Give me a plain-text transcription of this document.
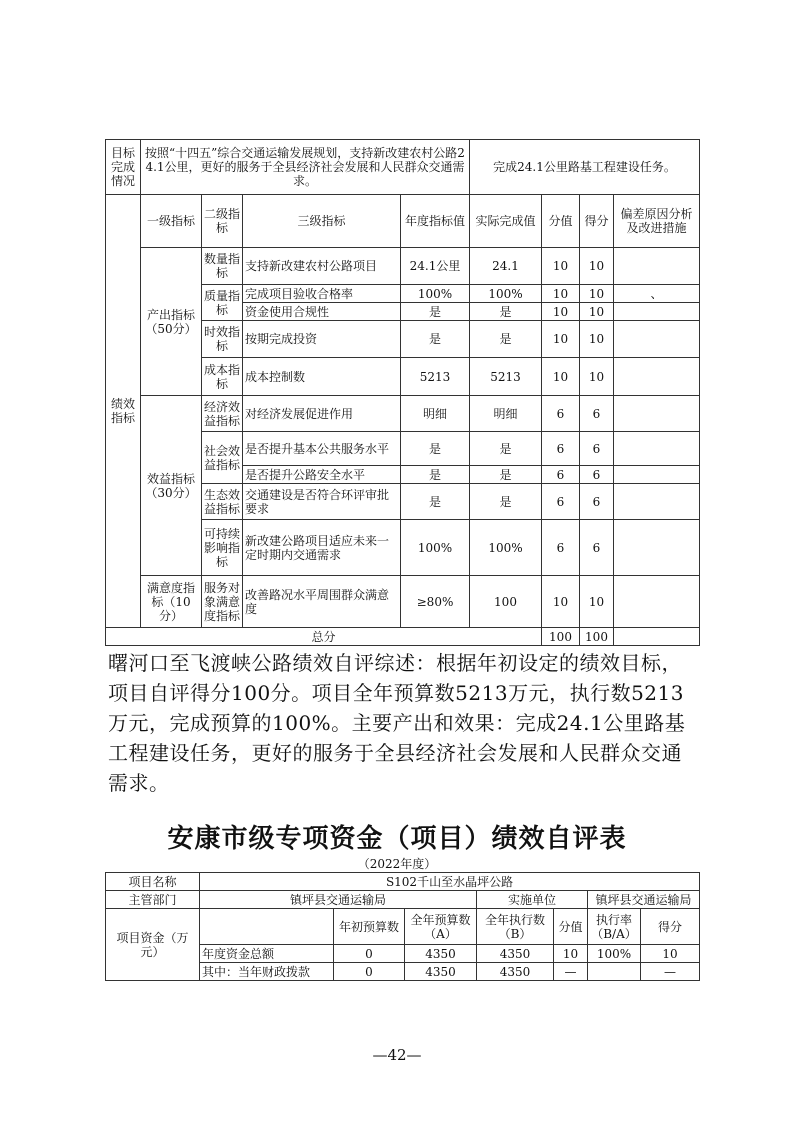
目标完成情况	按照“十四五”综合交通运输发展规划，支持新改建农村公路24.1公里，更好的服务于全县经济社会发展和人民群众交通需求。				完成24.1公里路基工程建设任务。			
绩效指标	一级指标	二级指标	三级指标	年度指标值	实际完成值	分值	得分	偏差原因分析及改进措施
	产出指标（50分）	数量指标	支持新改建农村公路项目	24.1公里	24.1	10	10	
		质量指标	完成项目验收合格率	100%	100%	10	10	、
			资金使用合规性	是	是	10	10	
		时效指标	按期完成投资	是	是	10	10	
		成本指标	成本控制数	5213	5213	10	10	
	效益指标（30分）	经济效益指标	对经济发展促进作用	明细	明细	6	6	
		社会效益指标	是否提升基本公共服务水平	是	是	6	6	
			是否提升公路安全水平	是	是	6	6	
		生态效益指标	交通建设是否符合环评审批要求	是	是	6	6	
		可持续影响指标	新改建公路项目适应未来一定时期内交通需求	100%	100%	6	6	
	满意度指标（10分）	服务对象满意度指标	改善路况水平周围群众满意度	≥80%	100	10	10	
总分						100	100	

曙河口至飞渡峡公路绩效自评综述：根据年初设定的绩效目标，项目自评得分100分。项目全年预算数5213万元，执行数5213万元，完成预算的100%。主要产出和效果：完成24.1公里路基工程建设任务，更好的服务于全县经济社会发展和人民群众交通需求。

安康市级专项资金（项目）绩效自评表

（2022年度）

项目名称	S102千山至水晶坪公路						
主管部门	镇坪县交通运输局			实施单位		镇坪县交通运输局	
项目资金（万元）		年初预算数	全年预算数（A）	全年执行数（B）	分值	执行率（B/A）	得分
	年度资金总额	0	4350	4350	10	100%	10
	其中：当年财政拨款	0	4350	4350	—		—

—42—
